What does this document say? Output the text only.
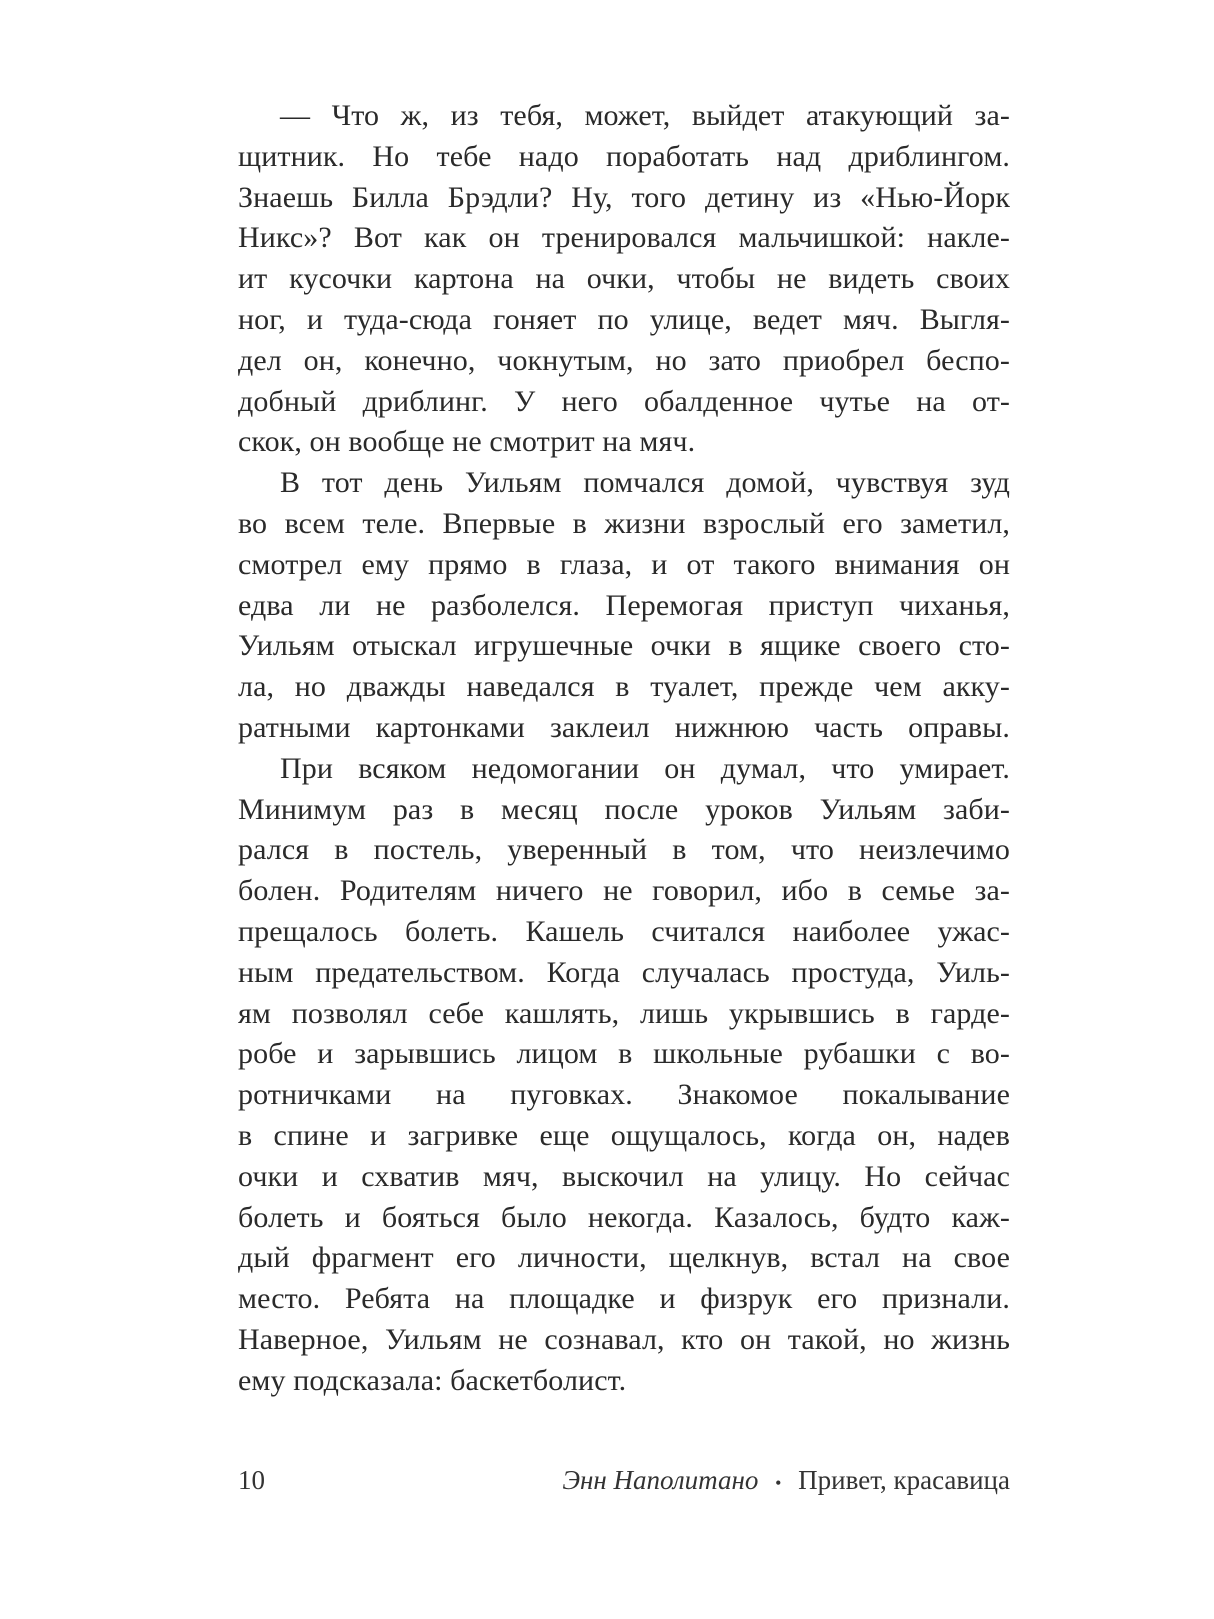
— Что ж, из тебя, может, выйдет атакующий за-
щитник. Но тебе надо поработать над дриблингом.
Знаешь Билла Брэдли? Ну, того детину из «Нью-Йорк
Никс»? Вот как он тренировался мальчишкой: накле-
ит кусочки картона на очки, чтобы не видеть своих
ног, и туда-сюда гоняет по улице, ведет мяч. Выгля-
дел он, конечно, чокнутым, но зато приобрел беспо-
добный дриблинг. У него обалденное чутье на от-
скок, он вообще не смотрит на мяч.
В тот день Уильям помчался домой, чувствуя зуд
во всем теле. Впервые в жизни взрослый его заметил,
смотрел ему прямо в глаза, и от такого внимания он
едва ли не разболелся. Перемогая приступ чиханья,
Уильям отыскал игрушечные очки в ящике своего сто-
ла, но дважды наведался в туалет, прежде чем акку-
ратными картонками заклеил нижнюю часть оправы.
При всяком недомогании он думал, что умирает.
Минимум раз в месяц после уроков Уильям заби-
рался в постель, уверенный в том, что неизлечимо
болен. Родителям ничего не говорил, ибо в семье за-
прещалось болеть. Кашель считался наиболее ужас-
ным предательством. Когда случалась простуда, Уиль-
ям позволял себе кашлять, лишь укрывшись в гарде-
робе и зарывшись лицом в школьные рубашки с во-
ротничками на пуговках. Знакомое покалывание
в спине и загривке еще ощущалось, когда он, надев
очки и схватив мяч, выскочил на улицу. Но сейчас
болеть и бояться было некогда. Казалось, будто каж-
дый фрагмент его личности, щелкнув, встал на свое
место. Ребята на площадке и физрук его признали.
Наверное, Уильям не сознавал, кто он такой, но жизнь
ему подсказала: баскетболист.
10	Энн Наполитано • Привет, красавица
